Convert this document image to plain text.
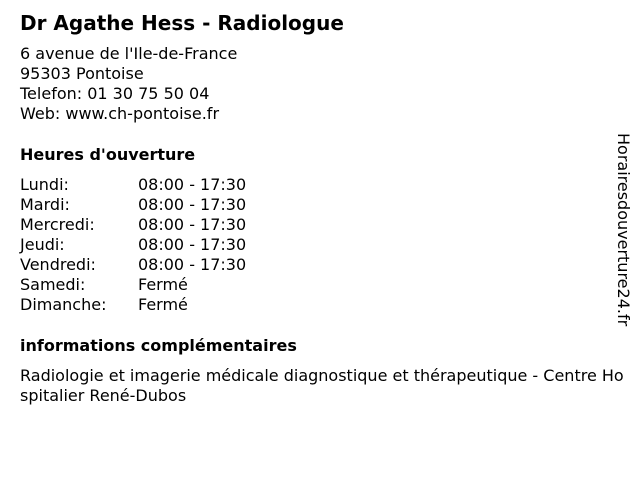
Dr Agathe Hess - Radiologue
6 avenue de l'Ile-de-France
95303 Pontoise
Telefon: 01 30 75 50 04
Web: www.ch-pontoise.fr
Heures d'ouverture
Lundi:	08:00 - 17:30
Mardi:	08:00 - 17:30
Mercredi:	08:00 - 17:30
Jeudi:	08:00 - 17:30
Vendredi:	08:00 - 17:30
Samedi:	Fermé
Dimanche:	Fermé
informations complémentaires
Radiologie et imagerie médicale diagnostique et thérapeutique - Centre Hospitalier René-Dubos
Horairesdouverture24.fr
